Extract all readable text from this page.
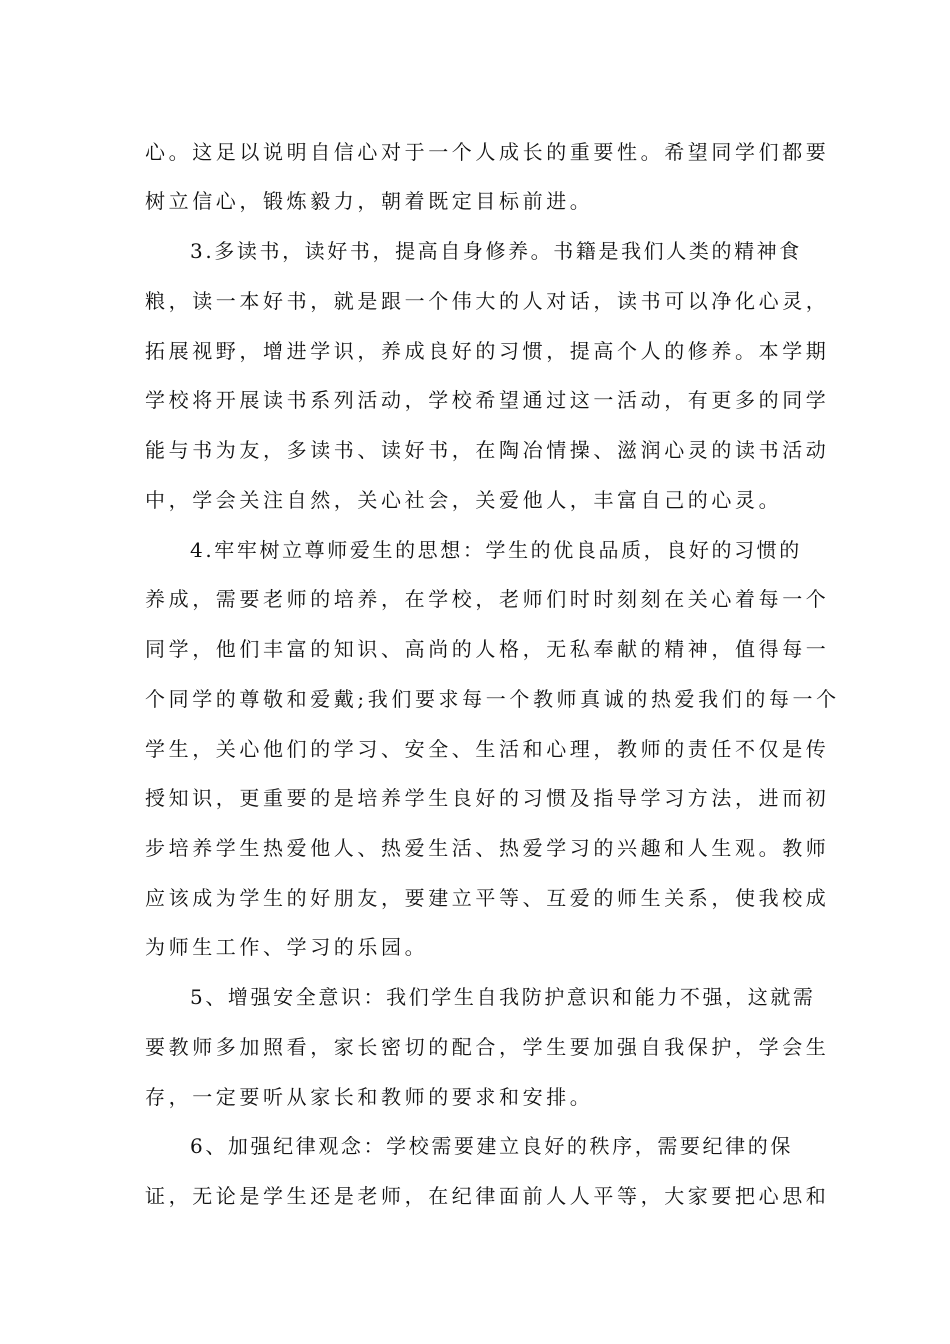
心。这足以说明自信心对于一个人成长的重要性。希望同学们都要
树立信心，锻炼毅力，朝着既定目标前进。
3.多读书，读好书，提高自身修养。书籍是我们人类的精神食
粮，读一本好书，就是跟一个伟大的人对话，读书可以净化心灵，
拓展视野，增进学识，养成良好的习惯，提高个人的修养。本学期
学校将开展读书系列活动，学校希望通过这一活动，有更多的同学
能与书为友，多读书、读好书，在陶冶情操、滋润心灵的读书活动
中，学会关注自然，关心社会，关爱他人，丰富自己的心灵。
4.牢牢树立尊师爱生的思想：学生的优良品质，良好的习惯的
养成，需要老师的培养，在学校，老师们时时刻刻在关心着每一个
同学，他们丰富的知识、高尚的人格，无私奉献的精神，值得每一
个同学的尊敬和爱戴;我们要求每一个教师真诚的热爱我们的每一个
学生，关心他们的学习、安全、生活和心理，教师的责任不仅是传
授知识，更重要的是培养学生良好的习惯及指导学习方法，进而初
步培养学生热爱他人、热爱生活、热爱学习的兴趣和人生观。教师
应该成为学生的好朋友，要建立平等、互爱的师生关系，使我校成
为师生工作、学习的乐园。
5、增强安全意识：我们学生自我防护意识和能力不强，这就需
要教师多加照看，家长密切的配合，学生要加强自我保护，学会生
存，一定要听从家长和教师的要求和安排。
6、加强纪律观念：学校需要建立良好的秩序，需要纪律的保
证，无论是学生还是老师，在纪律面前人人平等，大家要把心思和
